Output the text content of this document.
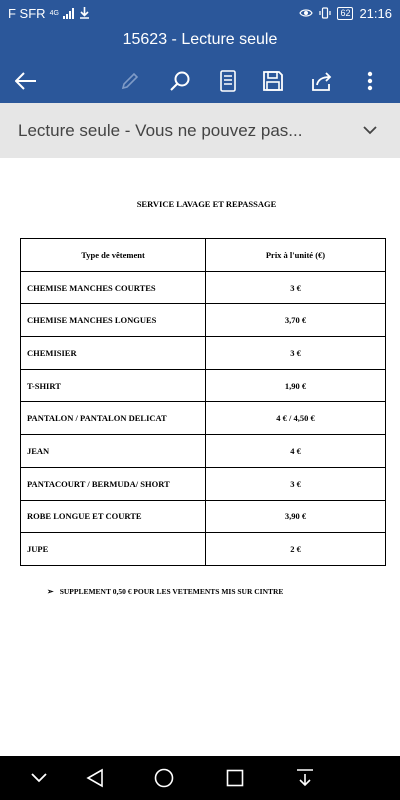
F SFR 4G	62 21:16
15623 - Lecture seule
Lecture seule - Vous ne pouvez pas...
SERVICE LAVAGE ET REPASSAGE
Type de vêtement	Prix à l'unité (€)
CHEMISE MANCHES COURTES	3 €
CHEMISE MANCHES LONGUES	3,70 €
CHEMISIER	3 €
T-SHIRT	1,90 €
PANTALON / PANTALON DELICAT	4 € / 4,50 €
JEAN	4 €
PANTACOURT / BERMUDA/ SHORT	3 €
ROBE LONGUE ET COURTE	3,90 €
JUPE	2 €
➢ SUPPLEMENT 0,50 € POUR LES VETEMENTS MIS SUR CINTRE
